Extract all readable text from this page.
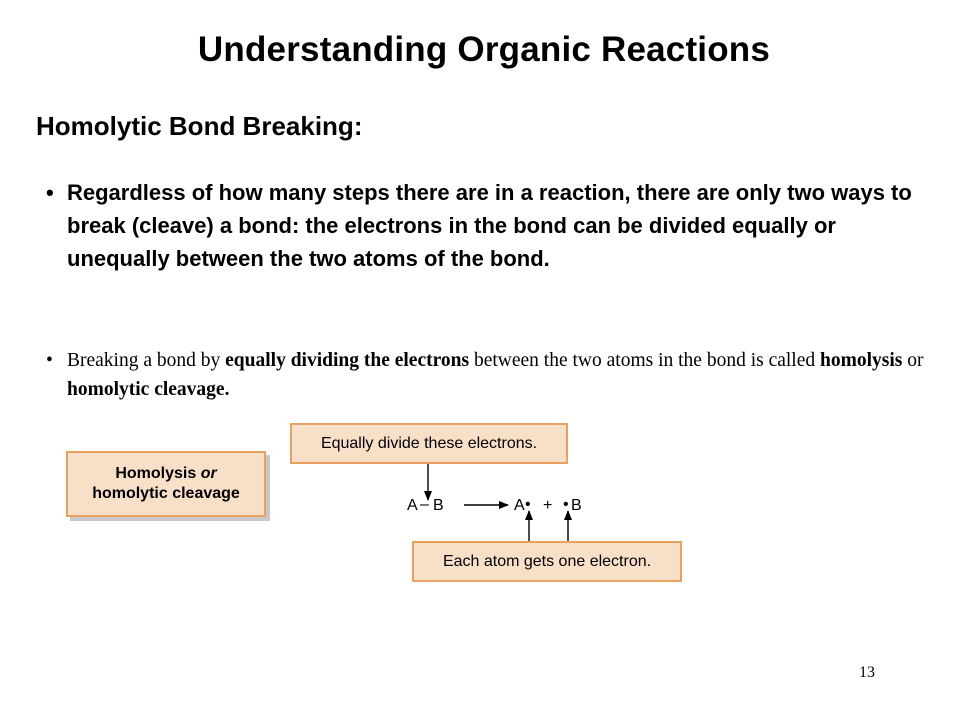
Understanding Organic Reactions
Homolytic Bond Breaking:
• Regardless of how many steps there are in a reaction, there are only two ways to break (cleave) a bond: the electrons in the bond can be divided equally or unequally between the two atoms of the bond.
• Breaking a bond by equally dividing the electrons between the two atoms in the bond is called homolysis or homolytic cleavage.
Homolysis or
homolytic cleavage
Equally divide these electrons.
Each atom gets one electron.
A – B	A • + • B
13
